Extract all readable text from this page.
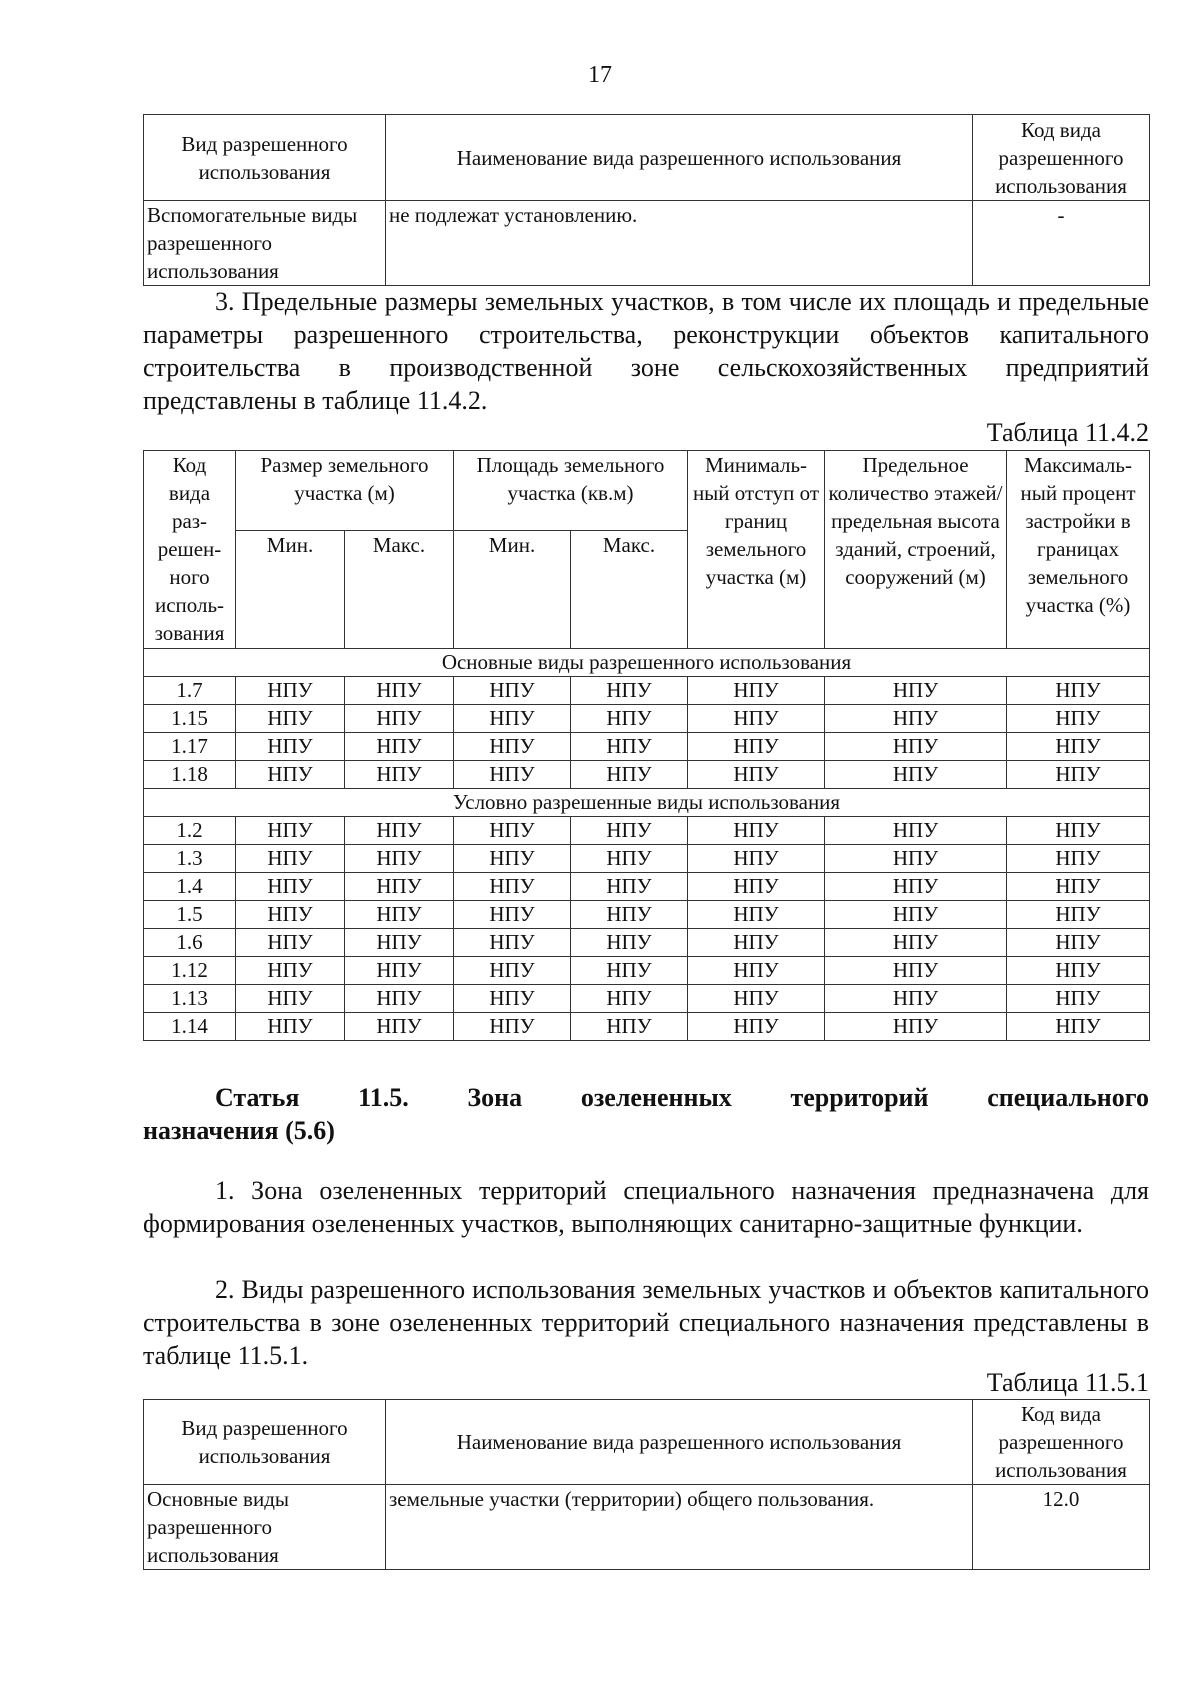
17
Вид разрешенного использования	Наименование вида разрешенного использования	Код вида разрешенного использования
Вспомогательные виды разрешенного использования	не подлежат установлению.	-

3. Предельные размеры земельных участков, в том числе их площадь и предельные параметры разрешенного строительства, реконструкции объектов капитального строительства в производственной зоне сельскохозяйственных предприятий представлены в таблице 11.4.2.

Таблица 11.4.2
Код вида раз-решен-ного исполь-зования	Размер земельного участка (м)		Площадь земельного участка (кв.м)		Минималь-ный отступ от границ земельного участка (м)	Предельное количество этажей/ предельная высота зданий, строений, сооружений (м)	Максималь-ный процент застройки в границах земельного участка (%)
	Мин.	Макс.	Мин.	Макс.			
Основные виды разрешенного использования							
1.7	НПУ	НПУ	НПУ	НПУ	НПУ	НПУ	НПУ
1.15	НПУ	НПУ	НПУ	НПУ	НПУ	НПУ	НПУ
1.17	НПУ	НПУ	НПУ	НПУ	НПУ	НПУ	НПУ
1.18	НПУ	НПУ	НПУ	НПУ	НПУ	НПУ	НПУ
Условно разрешенные виды использования							
1.2	НПУ	НПУ	НПУ	НПУ	НПУ	НПУ	НПУ
1.3	НПУ	НПУ	НПУ	НПУ	НПУ	НПУ	НПУ
1.4	НПУ	НПУ	НПУ	НПУ	НПУ	НПУ	НПУ
1.5	НПУ	НПУ	НПУ	НПУ	НПУ	НПУ	НПУ
1.6	НПУ	НПУ	НПУ	НПУ	НПУ	НПУ	НПУ
1.12	НПУ	НПУ	НПУ	НПУ	НПУ	НПУ	НПУ
1.13	НПУ	НПУ	НПУ	НПУ	НПУ	НПУ	НПУ
1.14	НПУ	НПУ	НПУ	НПУ	НПУ	НПУ	НПУ
Статья 11.5. Зона озелененных территорий специального
назначения (5.6)

1. Зона озелененных территорий специального назначения предназначена для формирования озелененных участков, выполняющих санитарно-защитные функции.

2. Виды разрешенного использования земельных участков и объектов капитального строительства в зоне озелененных территорий специального назначения представлены в таблице 11.5.1.

Таблица 11.5.1
Вид разрешенного использования	Наименование вида разрешенного использования	Код вида разрешенного использования
Основные виды разрешенного использования	земельные участки (территории) общего пользования.	12.0
